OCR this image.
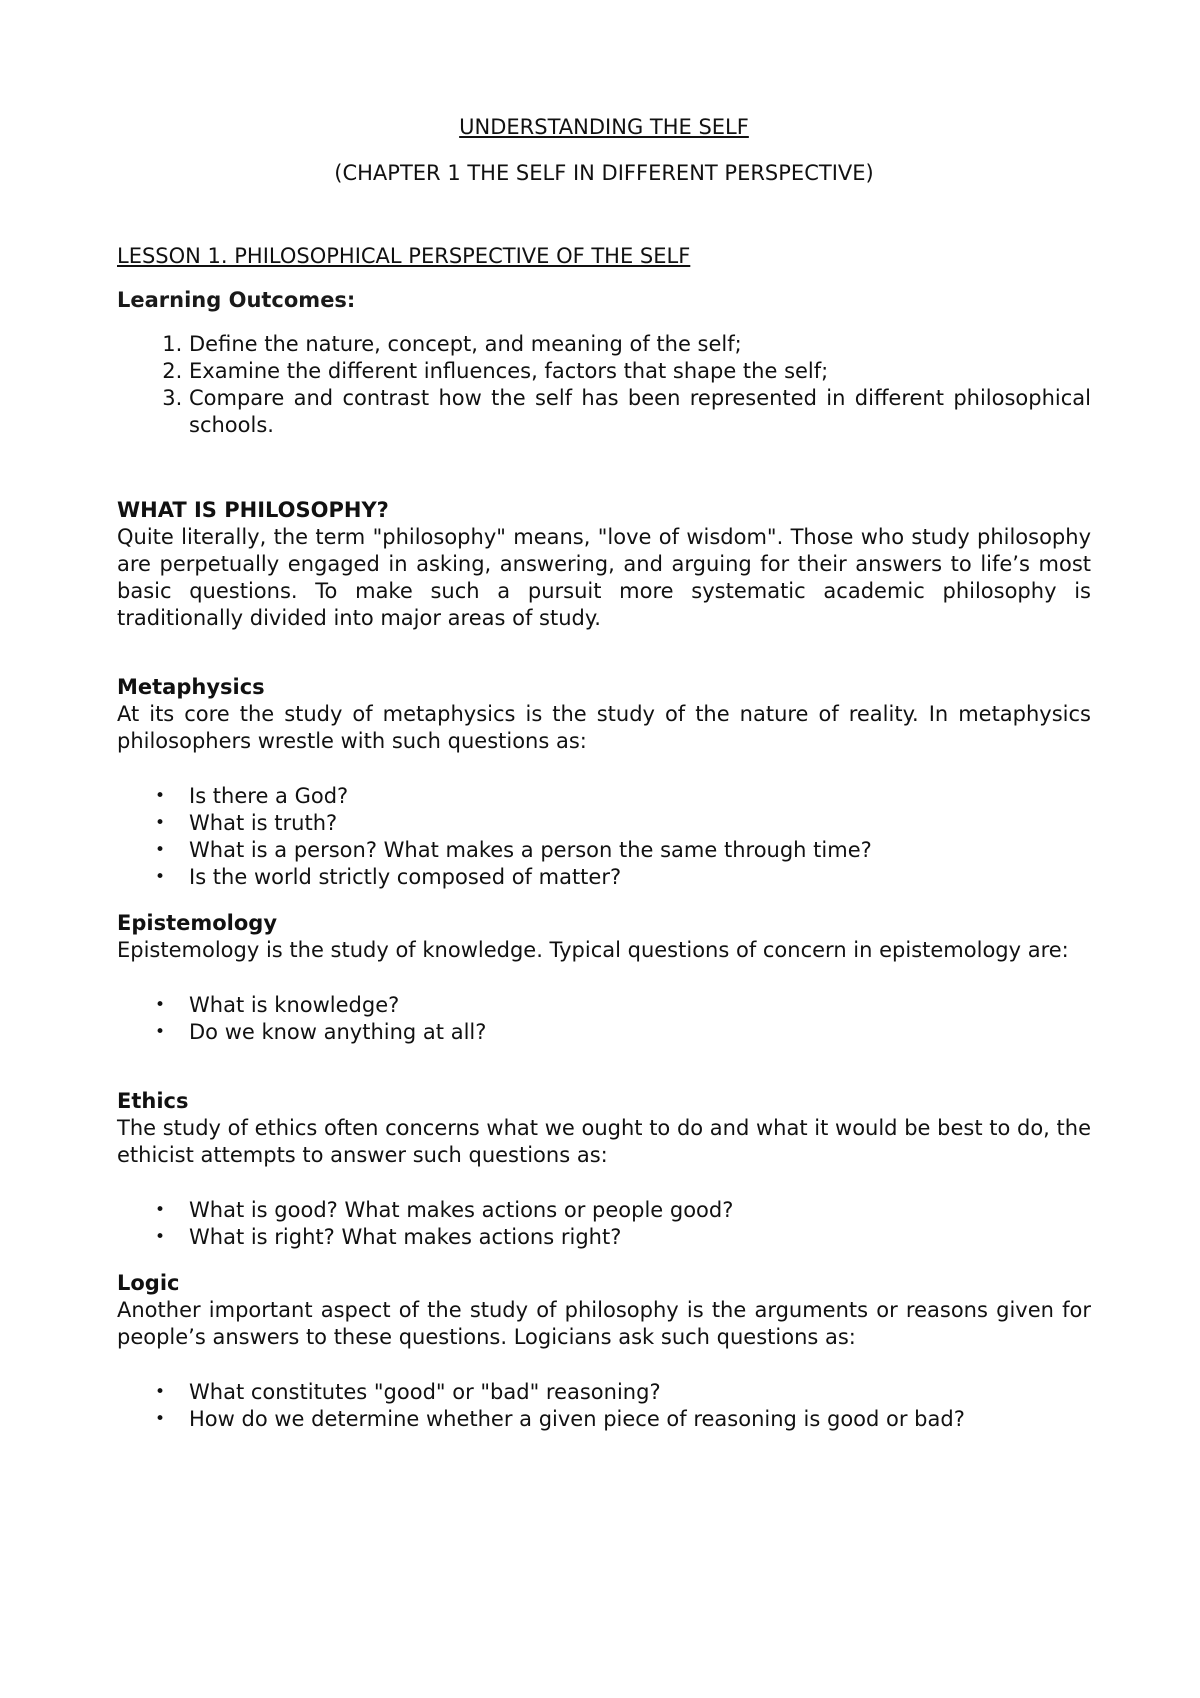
UNDERSTANDING THE SELF

(CHAPTER 1 THE SELF IN DIFFERENT PERSPECTIVE)

LESSON 1. PHILOSOPHICAL PERSPECTIVE OF THE SELF

Learning Outcomes:

1. Define the nature, concept, and meaning of the self;
2. Examine the different influences, factors that shape the self;
3. Compare and contrast how the self has been represented in different philosophical schools.

WHAT IS PHILOSOPHY?

Quite literally, the term "philosophy" means, "love of wisdom". Those who study philosophy are perpetually engaged in asking, answering, and arguing for their answers to life’s most basic questions. To make such a pursuit more systematic academic philosophy is traditionally divided into major areas of study.

Metaphysics

At its core the study of metaphysics is the study of the nature of reality. In metaphysics philosophers wrestle with such questions as:

• Is there a God?
• What is truth?
• What is a person? What makes a person the same through time?
• Is the world strictly composed of matter?

Epistemology

Epistemology is the study of knowledge. Typical questions of concern in epistemology are:

• What is knowledge?
• Do we know anything at all?

Ethics

The study of ethics often concerns what we ought to do and what it would be best to do, the ethicist attempts to answer such questions as:

• What is good? What makes actions or people good?
• What is right? What makes actions right?

Logic

Another important aspect of the study of philosophy is the arguments or reasons given for people’s answers to these questions. Logicians ask such questions as:

• What constitutes "good" or "bad" reasoning?
• How do we determine whether a given piece of reasoning is good or bad?
